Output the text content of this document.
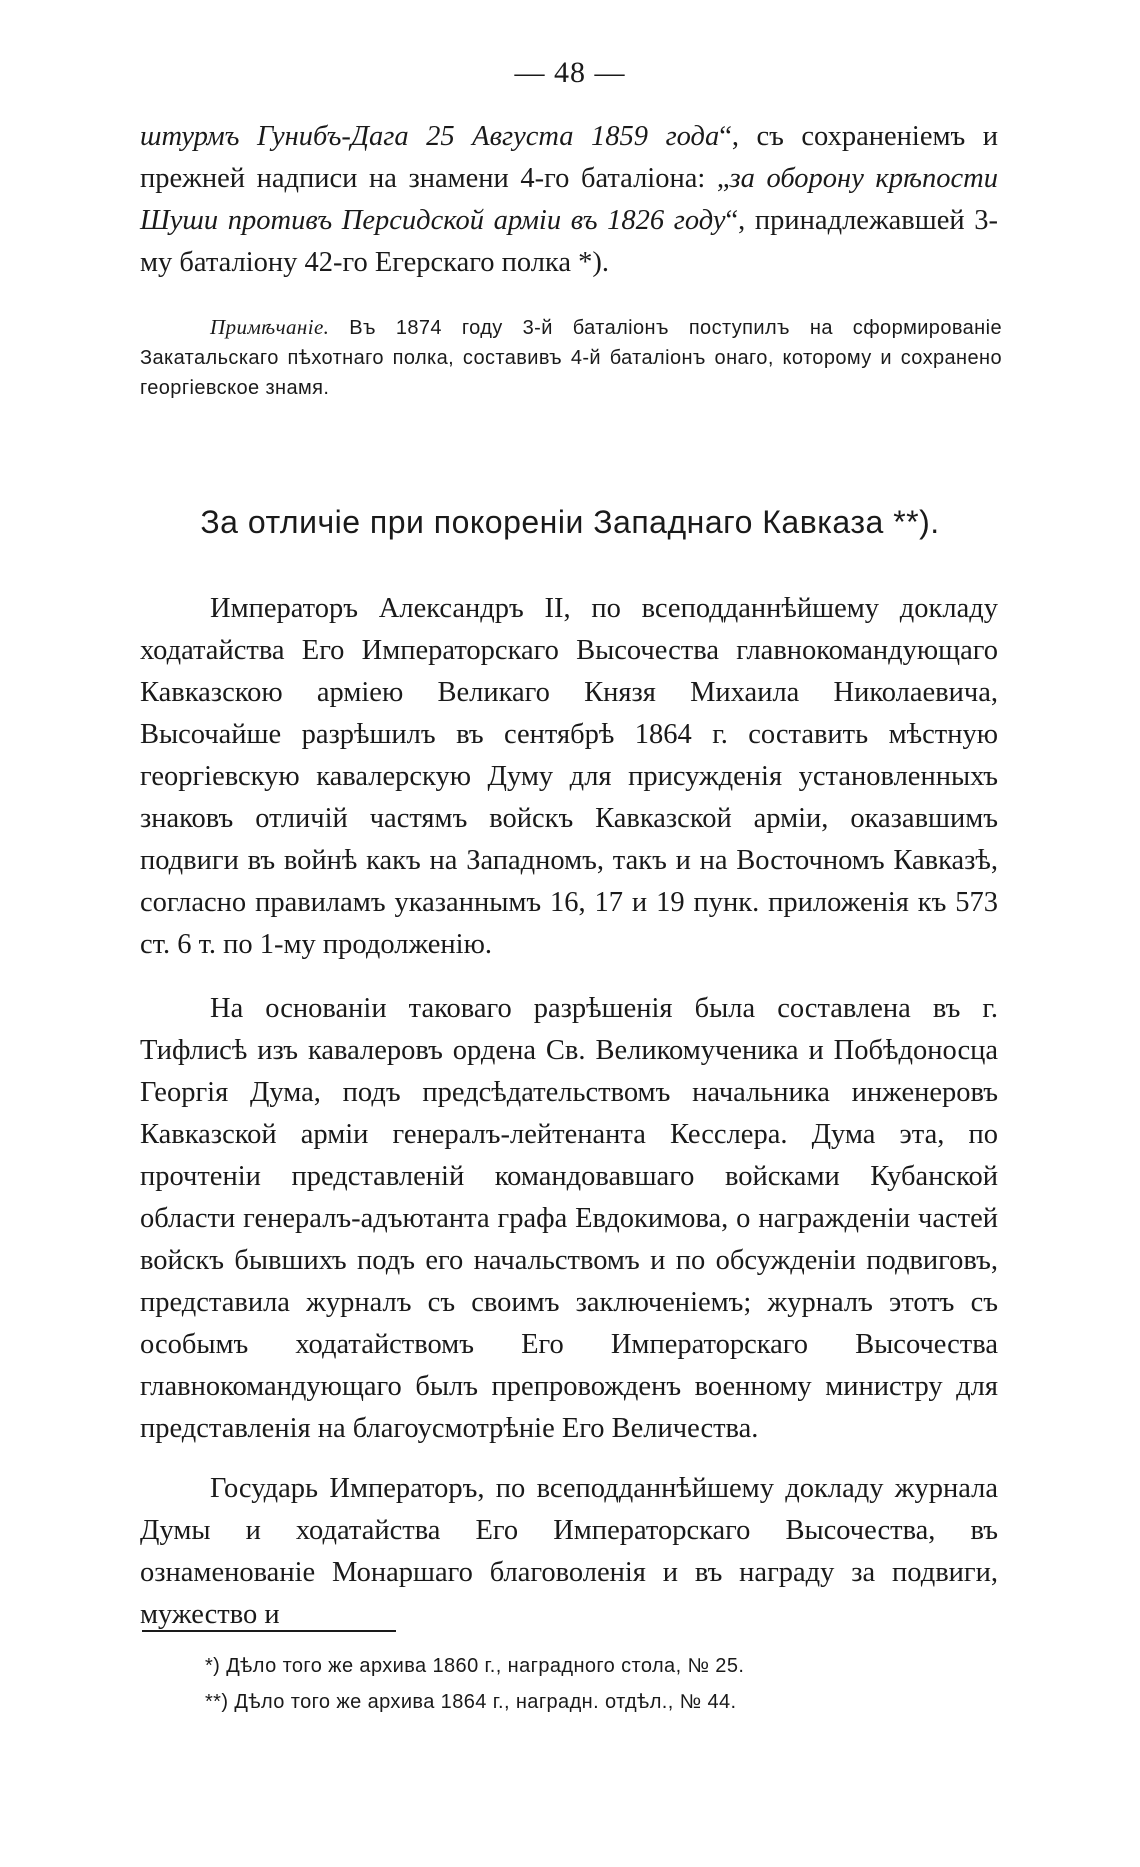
— 48 —

штурмъ Гунибъ-Дага 25 Августа 1859 года“, съ сохраненіемъ и прежней надписи на знамени 4-го баталіона: „за оборону крѣпости Шуши противъ Персидской арміи въ 1826 году“, принадлежавшей 3-му баталіону 42-го Егерскаго полка *).

Примѣчаніе. Въ 1874 году 3-й баталіонъ поступилъ на сформированіе Закатальскаго пѣхотнаго полка, составивъ 4-й баталіонъ онаго, которому и сохранено георгіевское знамя.
За отличіе при покореніи Западнаго Кавказа **).

Императоръ Александръ II, по всеподданнѣйшему докладу ходатайства Его Императорскаго Высочества главнокомандующаго Кавказскою арміею Великаго Князя Михаила Николаевича, Высочайше разрѣшилъ въ сентябрѣ 1864 г. составить мѣстную георгіевскую кавалерскую Думу для присужденія установленныхъ знаковъ отличій частямъ войскъ Кавказской арміи, оказавшимъ подвиги въ войнѣ какъ на Западномъ, такъ и на Восточномъ Кавказѣ, согласно правиламъ указаннымъ 16, 17 и 19 пунк. приложенія къ 573 ст. 6 т. по 1-му продолженію.

На основаніи таковаго разрѣшенія была составлена въ г. Тифлисѣ изъ кавалеровъ ордена Св. Великомученика и Побѣдоносца Георгія Дума, подъ предсѣдательствомъ начальника инженеровъ Кавказской арміи генералъ-лейтенанта Кесслера. Дума эта, по прочтеніи представленій командовавшаго войсками Кубанской области генералъ-адъютанта графа Евдокимова, о награжденіи частей войскъ бывшихъ подъ его начальствомъ и по обсужденіи подвиговъ, представила журналъ съ своимъ заключеніемъ; журналъ этотъ съ особымъ ходатайствомъ Его Императорскаго Высочества главнокомандующаго былъ препровожденъ военному министру для представленія на благоусмотрѣніе Его Величества.

Государь Императоръ, по всеподданнѣйшему докладу журнала Думы и ходатайства Его Императорскаго Высочества, въ ознаменованіе Монаршаго благоволенія и въ награду за подвиги, мужество и

*) Дѣло того же архива 1860 г., наградного стола, № 25.
**) Дѣло того же архива 1864 г., наградн. отдѣл., № 44.
